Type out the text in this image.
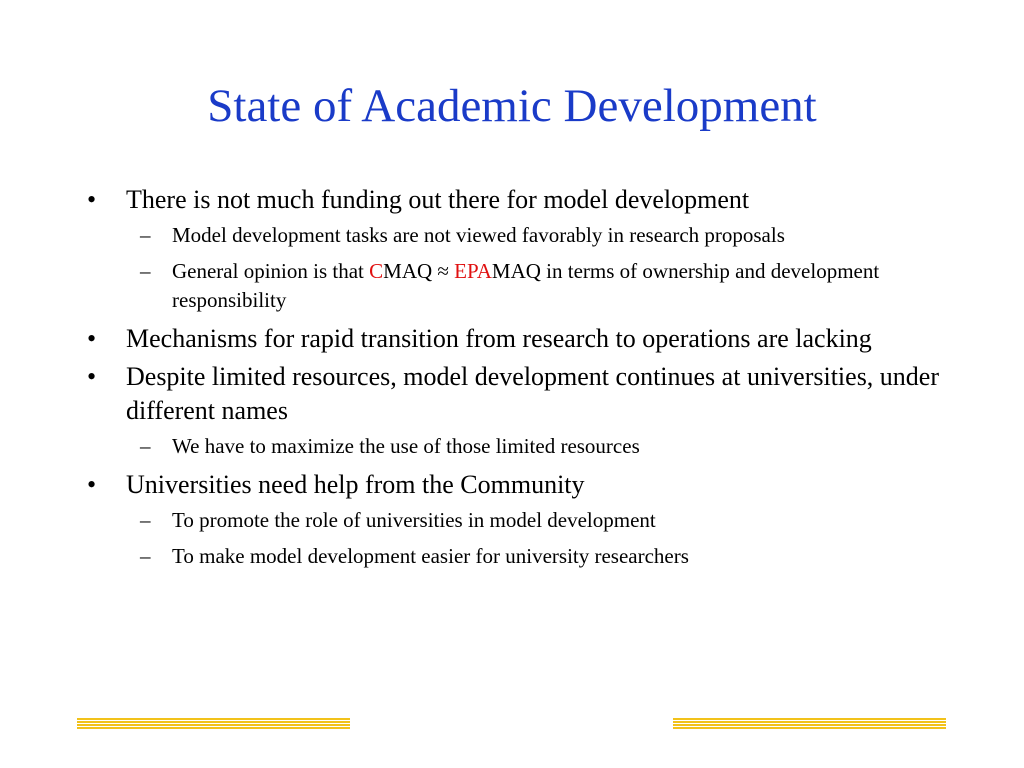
State of Academic Development
• There is not much funding out there for model development
– Model development tasks are not viewed favorably in research proposals
– General opinion is that CMAQ ≈ EPAMAQ in terms of ownership and development responsibility
• Mechanisms for rapid transition from research to operations are lacking
• Despite limited resources, model development continues at universities, under different names
– We have to maximize the use of those limited resources
• Universities need help from the Community
– To promote the role of universities in model development
– To make model development easier for university researchers
